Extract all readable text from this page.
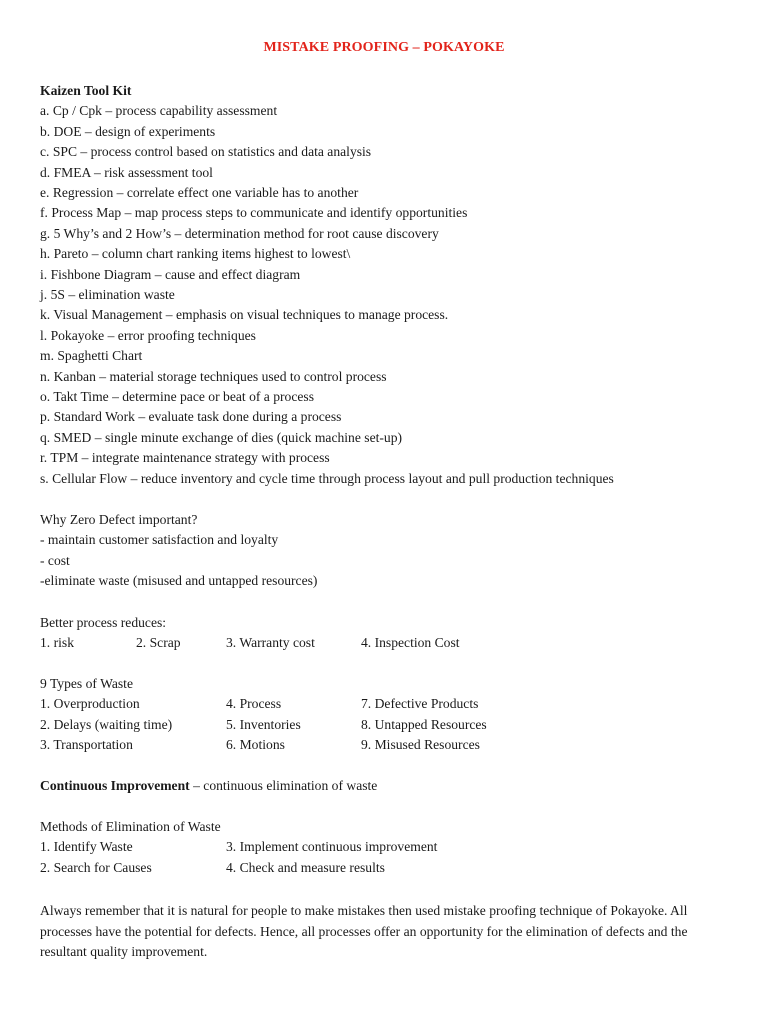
MISTAKE PROOFING – POKAYOKE
Kaizen Tool Kit
a. Cp / Cpk – process capability assessment
b. DOE – design of experiments
c. SPC – process control based on statistics and data analysis
d. FMEA – risk assessment tool
e. Regression – correlate effect one variable has to another
f. Process Map – map process steps to communicate and identify opportunities
g. 5 Why’s and 2 How’s – determination method for root cause discovery
h. Pareto – column chart ranking items highest to lowest\
i. Fishbone Diagram – cause and effect diagram
j. 5S – elimination waste
k. Visual Management – emphasis on visual techniques to manage process.
l. Pokayoke – error proofing techniques
m. Spaghetti Chart
n. Kanban – material storage techniques used to control process
o. Takt Time – determine pace or beat of a process
p. Standard Work – evaluate task done during a process
q. SMED – single minute exchange of dies (quick machine set-up)
r. TPM – integrate maintenance strategy with process
s. Cellular Flow – reduce inventory and cycle time through process layout and pull production techniques
Why Zero Defect important?
- maintain customer satisfaction and loyalty
- cost
-eliminate waste (misused and untapped resources)
Better process reduces:
1. risk	2. Scrap	3. Warranty cost	4. Inspection Cost
9 Types of Waste
1. Overproduction	4. Process	7. Defective Products
2. Delays (waiting time)	5. Inventories	8. Untapped Resources
3. Transportation	6. Motions	9. Misused Resources
Continuous Improvement – continuous elimination of waste
Methods of Elimination of Waste
1. Identify Waste	3. Implement continuous improvement
2. Search for Causes	4. Check and measure results
Always remember that it is natural for people to make mistakes then used mistake proofing technique of Pokayoke. All processes have the potential for defects. Hence, all processes offer an opportunity for the elimination of defects and the resultant quality improvement.
